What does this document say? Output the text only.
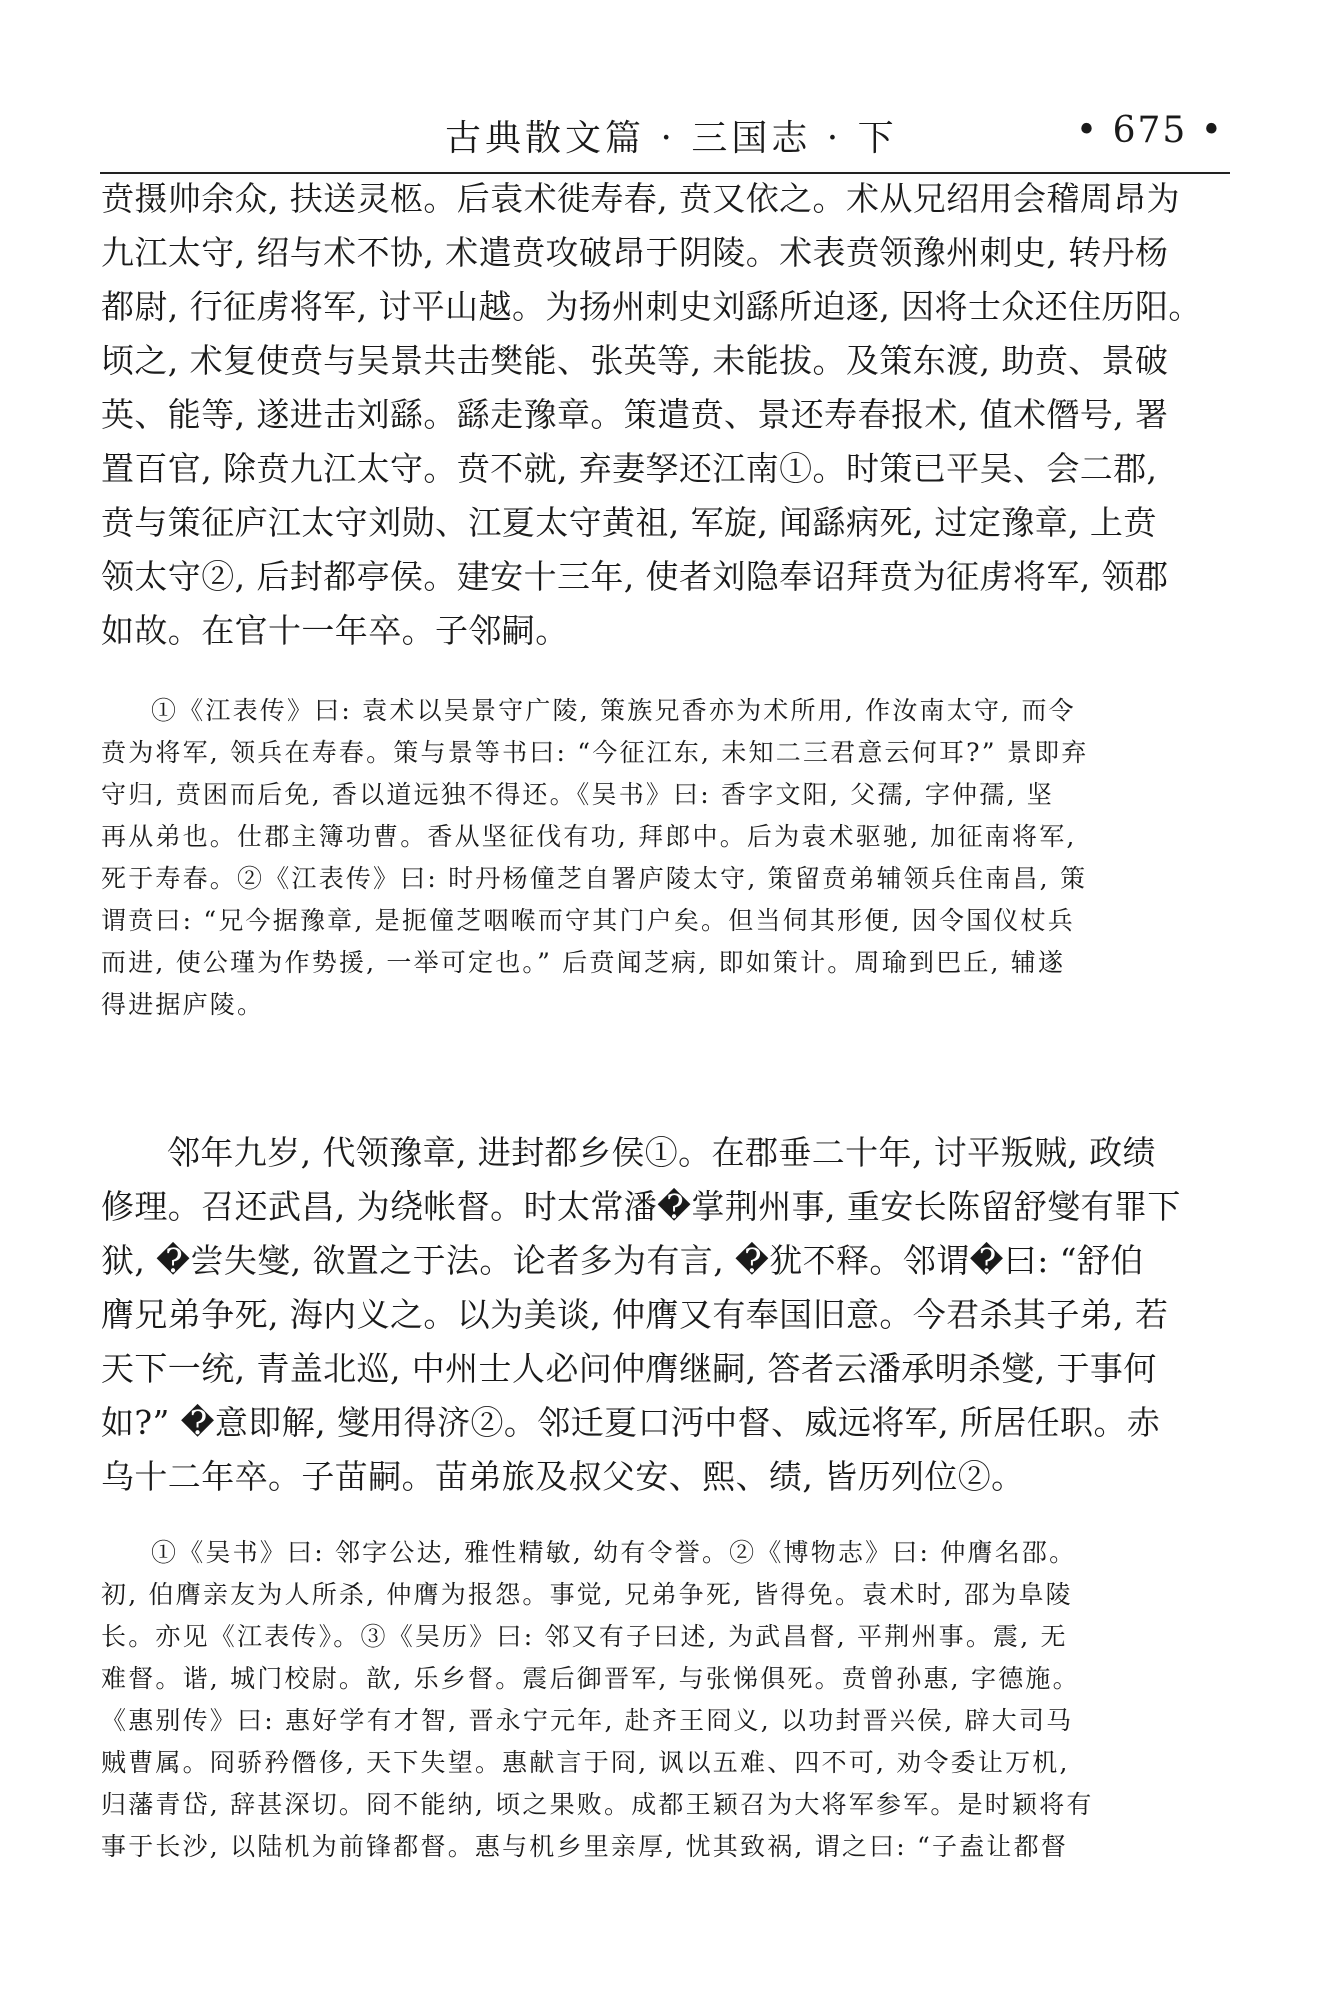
古典散文篇 · 三国志 · 下	• 675 •

贲摄帅余众, 扶送灵柩。后袁术徙寿春, 贲又依之。术从兄绍用会稽周昂为
九江太守, 绍与术不协, 术遣贲攻破昂于阴陵。术表贲领豫州刺史, 转丹杨
都尉, 行征虏将军, 讨平山越。为扬州刺史刘繇所迫逐, 因将士众还住历阳。
顷之, 术复使贲与吴景共击樊能、张英等, 未能拔。及策东渡, 助贲、景破
英、能等, 遂进击刘繇。繇走豫章。策遣贲、景还寿春报术, 值术僭号, 署
置百官, 除贲九江太守。贲不就, 弃妻孥还江南①。时策已平吴、会二郡,
贲与策征庐江太守刘勋、江夏太守黄祖, 军旋, 闻繇病死, 过定豫章, 上贲
领太守②, 后封都亭侯。建安十三年, 使者刘隐奉诏拜贲为征虏将军, 领郡
如故。在官十一年卒。子邻嗣。

①《江表传》曰: 袁术以吴景守广陵, 策族兄香亦为术所用, 作汝南太守, 而令
贲为将军, 领兵在寿春。策与景等书曰: “今征江东, 未知二三君意云何耳?” 景即弃
守归, 贲困而后免, 香以道远独不得还。《吴书》曰: 香字文阳, 父孺, 字仲孺, 坚
再从弟也。仕郡主簿功曹。香从坚征伐有功, 拜郎中。后为袁术驱驰, 加征南将军,
死于寿春。②《江表传》曰: 时丹杨僮芝自署庐陵太守, 策留贲弟辅领兵住南昌, 策
谓贲曰: “兄今据豫章, 是扼僮芝咽喉而守其门户矣。但当伺其形便, 因令国仪杖兵
而进, 使公瑾为作势援, 一举可定也。” 后贲闻芝病, 即如策计。周瑜到巴丘, 辅遂
得进据庐陵。

邻年九岁, 代领豫章, 进封都乡侯①。在郡垂二十年, 讨平叛贼, 政绩
修理。召还武昌, 为绕帐督。时太常潘�掌荆州事, 重安长陈留舒燮有罪下
狱, �尝失燮, 欲置之于法。论者多为有言, �犹不释。邻谓�曰: “舒伯
膺兄弟争死, 海内义之。以为美谈, 仲膺又有奉国旧意。今君杀其子弟, 若
天下一统, 青盖北巡, 中州士人必问仲膺继嗣, 答者云潘承明杀燮, 于事何
如?” �意即解, 燮用得济②。邻迁夏口沔中督、威远将军, 所居任职。赤
乌十二年卒。子苗嗣。苗弟旅及叔父安、熙、绩, 皆历列位②。

①《吴书》曰: 邻字公达, 雅性精敏, 幼有令誉。②《博物志》曰: 仲膺名邵。
初, 伯膺亲友为人所杀, 仲膺为报怨。事觉, 兄弟争死, 皆得免。袁术时, 邵为阜陵
长。亦见《江表传》。③《吴历》曰: 邻又有子曰述, 为武昌督, 平荆州事。震, 无
难督。谐, 城门校尉。歆, 乐乡督。震后御晋军, 与张悌俱死。贲曾孙惠, 字德施。
《惠别传》曰: 惠好学有才智, 晋永宁元年, 赴齐王冏义, 以功封晋兴侯, 辟大司马
贼曹属。冏骄矜僭侈, 天下失望。惠献言于冏, 讽以五难、四不可, 劝令委让万机,
归藩青岱, 辞甚深切。冏不能纳, 顷之果败。成都王颖召为大将军参军。是时颖将有
事于长沙, 以陆机为前锋都督。惠与机乡里亲厚, 忧其致祸, 谓之曰: “子盍让都督
